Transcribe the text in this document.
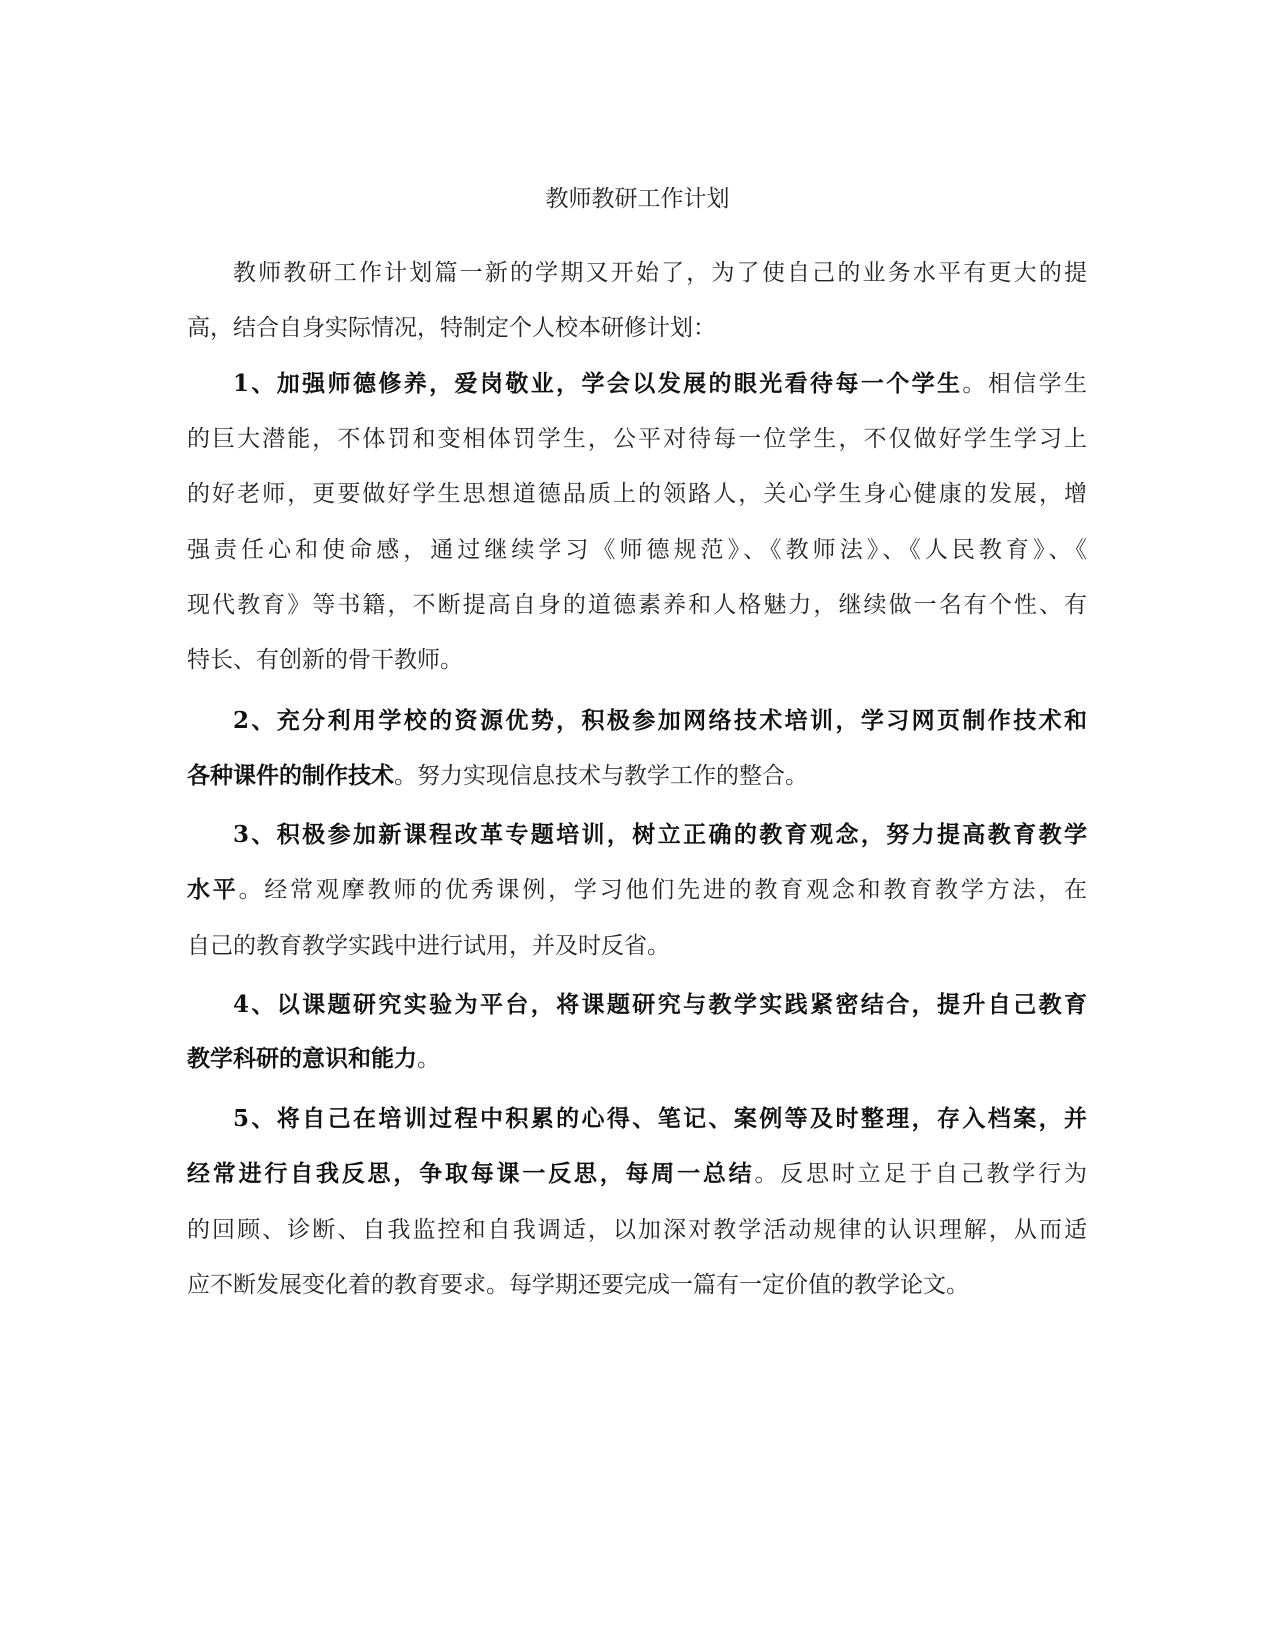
教师教研工作计划

教师教研工作计划篇一新的学期又开始了，为了使自己的业务水平有更大的提

高，结合自身实际情况，特制定个人校本研修计划：

1、加强师德修养，爱岗敬业，学会以发展的眼光看待每一个学生。相信学生

的巨大潜能，不体罚和变相体罚学生，公平对待每一位学生，不仅做好学生学习上

的好老师，更要做好学生思想道德品质上的领路人，关心学生身心健康的发展，增

强责任心和使命感，通过继续学习《师德规范》、《教师法》、《人民教育》、《

现代教育》等书籍，不断提高自身的道德素养和人格魅力，继续做一名有个性、有

特长、有创新的骨干教师。

2、充分利用学校的资源优势，积极参加网络技术培训，学习网页制作技术和

各种课件的制作技术。努力实现信息技术与教学工作的整合。

3、积极参加新课程改革专题培训，树立正确的教育观念，努力提高教育教学

水平。经常观摩教师的优秀课例，学习他们先进的教育观念和教育教学方法，在

自己的教育教学实践中进行试用，并及时反省。

4、以课题研究实验为平台，将课题研究与教学实践紧密结合，提升自己教育

教学科研的意识和能力。

5、将自己在培训过程中积累的心得、笔记、案例等及时整理，存入档案，并

经常进行自我反思，争取每课一反思，每周一总结。反思时立足于自己教学行为

的回顾、诊断、自我监控和自我调适，以加深对教学活动规律的认识理解，从而适

应不断发展变化着的教育要求。每学期还要完成一篇有一定价值的教学论文。
